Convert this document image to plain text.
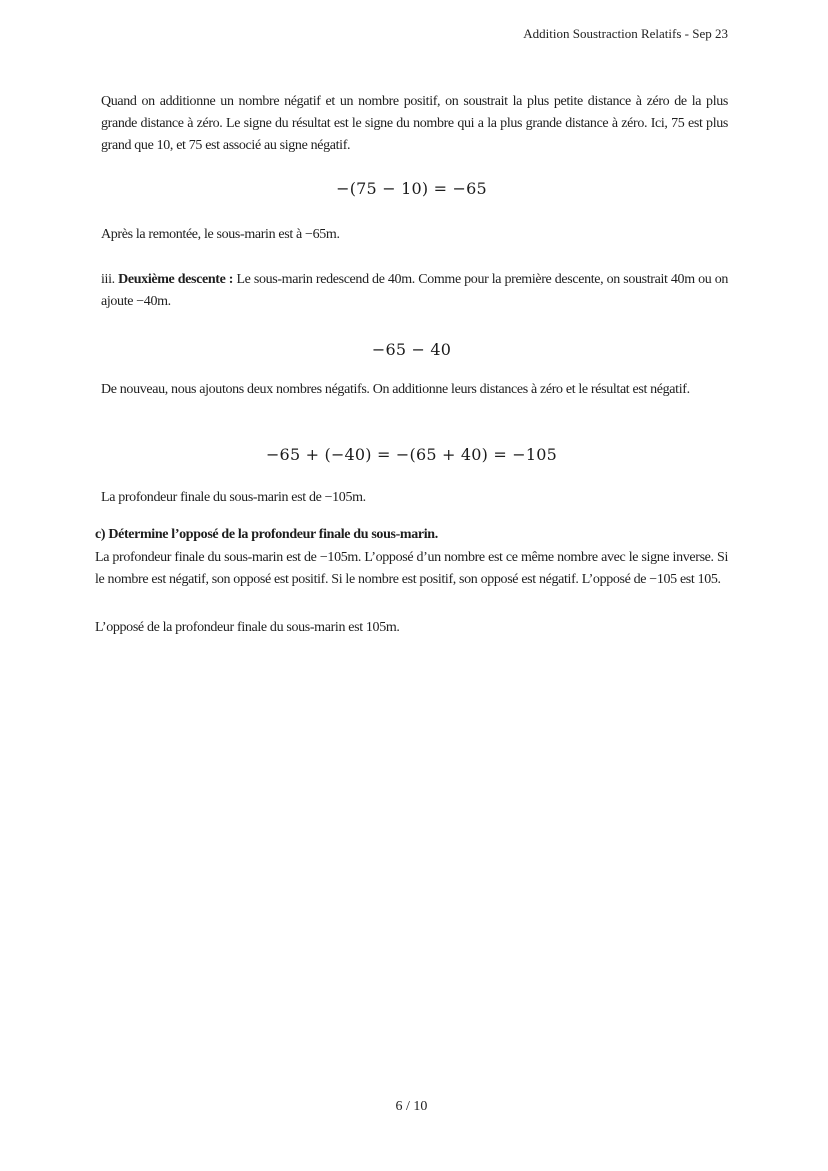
Addition Soustraction Relatifs - Sep 23

Quand on additionne un nombre négatif et un nombre positif, on soustrait la plus petite distance à zéro de la plus grande distance à zéro. Le signe du résultat est le signe du nombre qui a la plus grande distance à zéro. Ici, 75 est plus grand que 10, et 75 est associé au signe négatif.

−(75 − 10) = −65

Après la remontée, le sous-marin est à −65m.

iii. Deuxième descente : Le sous-marin redescend de 40m. Comme pour la première descente, on soustrait 40m ou on ajoute −40m.

−65 − 40

De nouveau, nous ajoutons deux nombres négatifs. On additionne leurs distances à zéro et le résultat est négatif.

−65 + (−40) = −(65 + 40) = −105

La profondeur finale du sous-marin est de −105m.

c) Détermine l’opposé de la profondeur finale du sous-marin.

La profondeur finale du sous-marin est de −105m. L’opposé d’un nombre est ce même nombre avec le signe inverse. Si le nombre est négatif, son opposé est positif. Si le nombre est positif, son opposé est négatif. L’opposé de −105 est 105.

L’opposé de la profondeur finale du sous-marin est 105m.

6 / 10
